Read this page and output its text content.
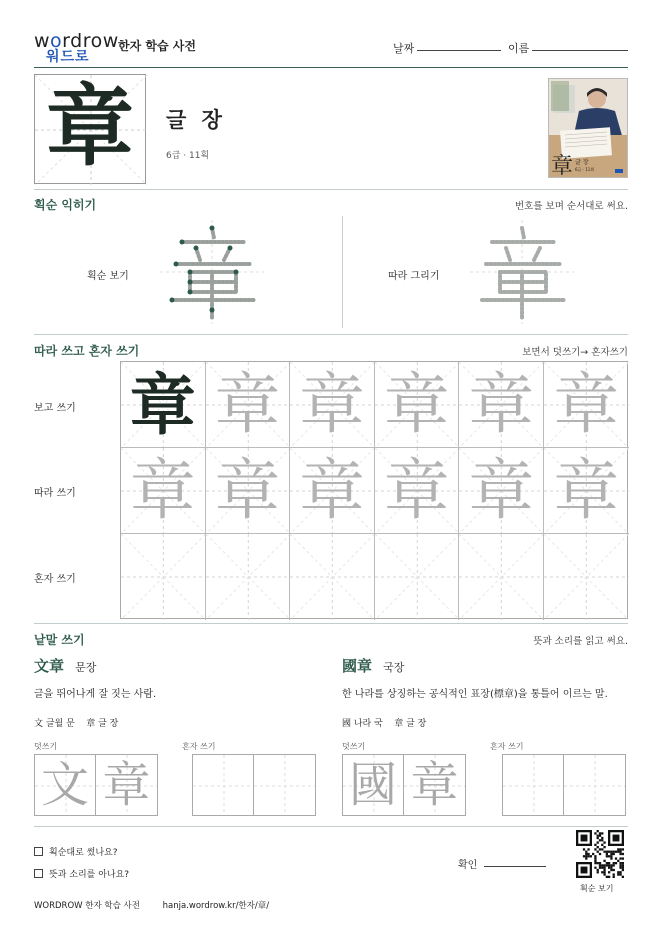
wordrow
워드로
한자 학습 사전	날짜	이름
章	글 장
6급 · 11획	章 글 장
6급 · 11획
획순 익히기	번호를 보며 순서대로 써요.
획순 보기	따라 그리기
따라 쓰고 혼자 쓰기	보면서 덧쓰기→ 혼자쓰기
보고 쓰기
따라 쓰기
혼자 쓰기
章 章 章 章 章 章
章 章 章 章 章 章
낱말 쓰기	뜻과 소리를 읽고 써요.
文章 문장
글을 뛰어나게 잘 짓는 사람.
文 글월 문    章 글 장
덧쓰기	혼자 쓰기
文 章
國章 국장
한 나라를 상징하는 공식적인 표장(標章)을 통틀어 이르는 말.
國 나라 국    章 글 장
덧쓰기	혼자 쓰기
國 章
획순대로 썼나요?
뜻과 소리를 아나요?
확인
획순 보기
WORDROW 한자 학습 사전	hanja.wordrow.kr/한자/章/
